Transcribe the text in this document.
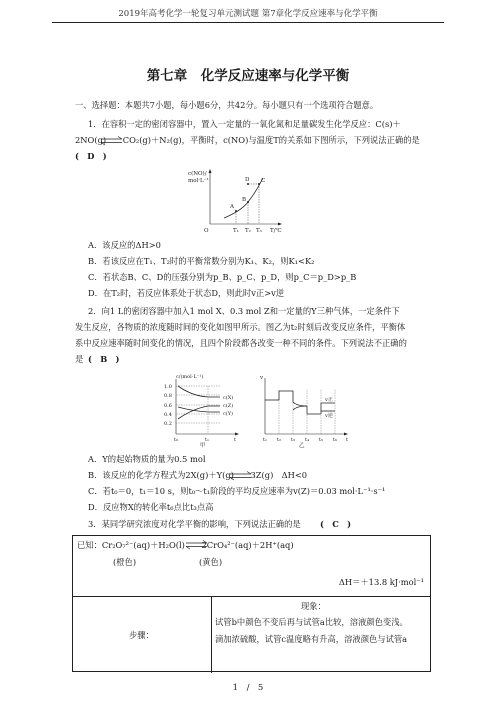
2019年高考化学一轮复习单元测试题 第7章化学反应速率与化学平衡
第七章　化学反应速率与化学平衡
一、选择题：本题共7小题，每小题6分，共42分。每小题只有一个选项符合题意。
1．在容积一定的密闭容器中，置入一定量的一氧化氮和足量碳发生化学反应：C(s)＋
2NO(g)　　CO₂(g)＋N₂(g)，平衡时，c(NO)与温度T的关系如下图所示，下列说法正确的是
(　D　)
c(NO)/
mol·L⁻¹
A
B
C
D
O	T₁ T₂ T₃ T/℃
A．该反应的ΔH>0
B．若该反应在T₁、T₂时的平衡常数分别为K₁、K₂，则K₁<K₂
C．若状态B、C、D的压强分别为p_B、p_C、p_D，则p_C＝p_D>p_B
D．在T₂时，若反应体系处于状态D，则此时v正>v逆
2．向1 L的密闭容器中加入1 mol X、0.3 mol Z和一定量的Y三种气体，一定条件下
发生反应，各物质的浓度随时间的变化如图甲所示。图乙为t₂时刻后改变反应条件，平衡体
系中反应速率随时间变化的情况，且四个阶段都各改变一种不同的条件。下列说法不正确的
是 (　B　)
c/(mol·L⁻¹)
1.0
0.8
0.6
0.4
0.2
c(X)
c(Z)
c(Y)
t₀	t₁	t
甲
v
v正
v逆
t₁ t₂ t₃ t₄ t₅ t₆ t
乙
A．Y的起始物质的量为0.5 mol
B．该反应的化学方程式为2X(g)＋Y(g)　　3Z(g)　ΔH<0
C．若t₀＝0，t₁＝10 s，则t₀～t₁阶段的平均反应速率为v(Z)＝0.03 mol·L⁻¹·s⁻¹
D．反应物X的转化率t₆点比t₃点高
3．某同学研究浓度对化学平衡的影响，下列说法正确的是 (　C　)
已知：Cr₂O₇²⁻(aq)＋H₂O(l)　　2CrO₄²⁻(aq)＋2H⁺(aq)
(橙色)	(黄色)
ΔH＝＋13.8 kJ·mol⁻¹
步骤：
现象：
试管b中颜色不变后再与试管a比较，溶液颜色变浅。
滴加浓硫酸，试管c温度略有升高，溶液颜色与试管a
1　/　5
